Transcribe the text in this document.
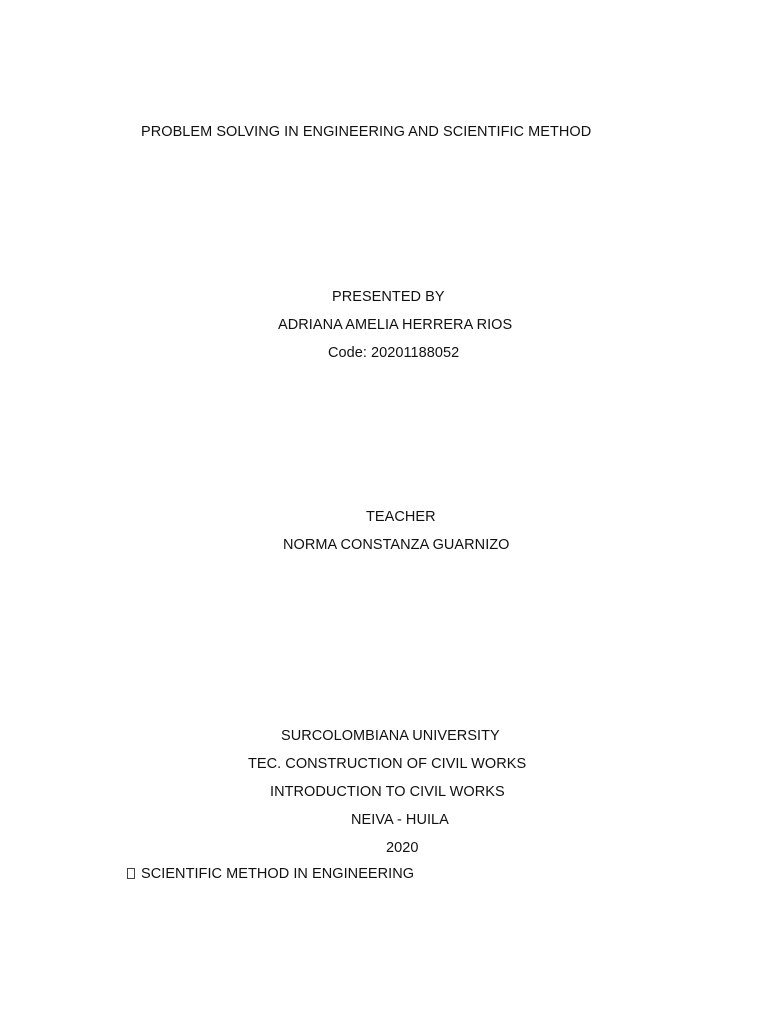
PROBLEM SOLVING IN ENGINEERING AND SCIENTIFIC METHOD
PRESENTED BY
ADRIANA AMELIA HERRERA RIOS
Code: 20201188052
TEACHER
NORMA CONSTANZA GUARNIZO
SURCOLOMBIANA UNIVERSITY
TEC. CONSTRUCTION OF CIVIL WORKS
INTRODUCTION TO CIVIL WORKS
NEIVA - HUILA
2020
SCIENTIFIC METHOD IN ENGINEERING
